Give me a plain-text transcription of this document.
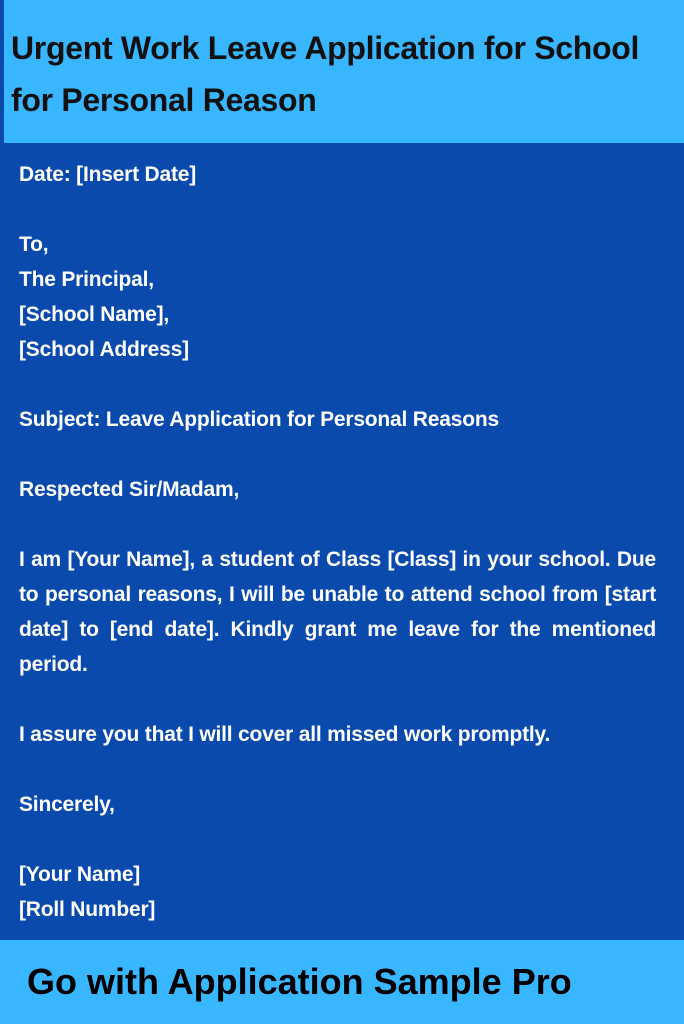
Urgent Work Leave Application for School for Personal Reason

Date: [Insert Date]

To,

The Principal,

[School Name],

[School Address]

Subject: Leave Application for Personal Reasons

Respected Sir/Madam,

I am [Your Name], a student of Class [Class] in your school. Due to personal reasons, I will be unable to attend school from [start date] to [end date]. Kindly grant me leave for the mentioned period.

I assure you that I will cover all missed work promptly.

Sincerely,

[Your Name]

[Roll Number]

Go with Application Sample Pro
